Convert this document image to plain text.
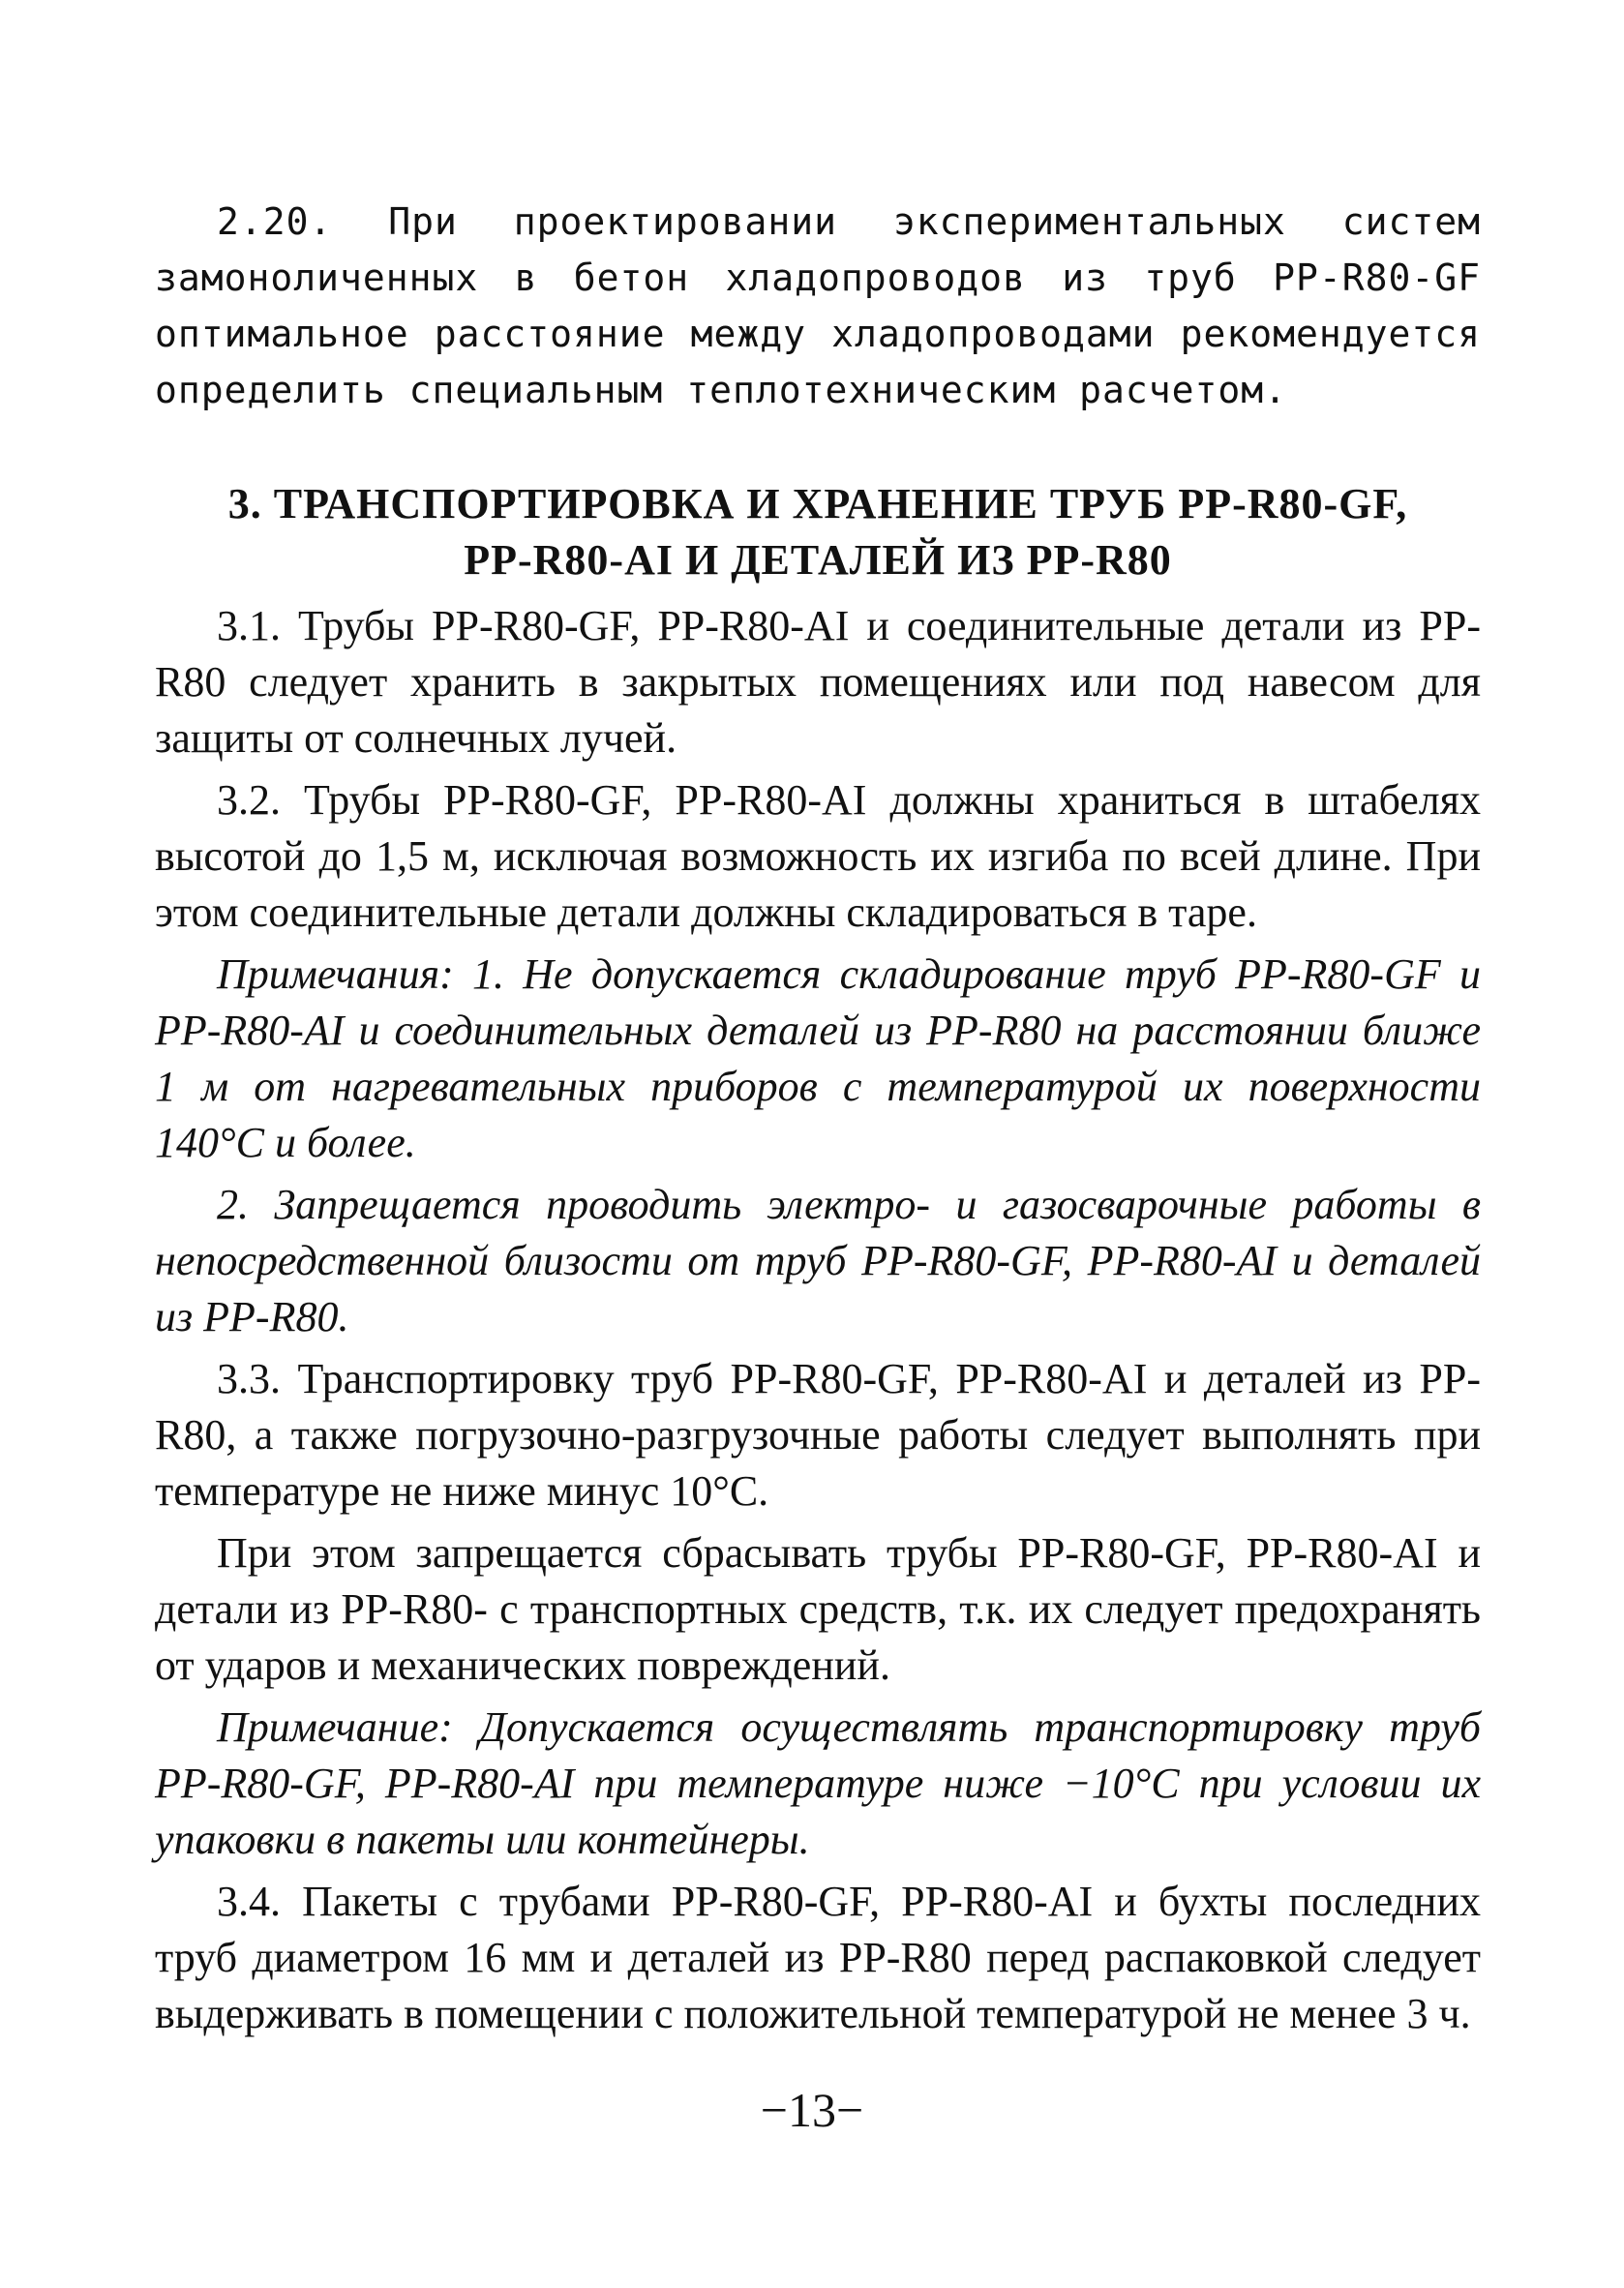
2.20. При проектировании экспериментальных систем замоноличенных в бетон хладопроводов из труб PP-R80-GF оптимальное расстояние между хладопроводами рекомендуется определить специальным теплотехническим расчетом.

3. ТРАНСПОРТИРОВКА И ХРАНЕНИЕ ТРУБ PP-R80-GF,
PP-R80-AI И ДЕТАЛЕЙ ИЗ PP-R80

3.1. Трубы PP-R80-GF, PP-R80-AI и соединительные детали из PP-R80 следует хранить в закрытых помещениях или под навесом для защиты от солнечных лучей.

3.2. Трубы PP-R80-GF, PP-R80-AI должны храниться в штабелях высотой до 1,5 м, исключая возможность их изгиба по всей длине. При этом соединительные детали должны складироваться в таре.

Примечания: 1. Не допускается складирование труб PP-R80-GF и PP-R80-AI и соединительных деталей из PP-R80 на расстоянии ближе 1 м от нагревательных приборов с температурой их поверхности 140°С и более.

2. Запрещается проводить электро- и газосварочные работы в непосредственной близости от труб PP-R80-GF, PP-R80-AI и деталей из PP-R80.

3.3. Транспортировку труб PP-R80-GF, PP-R80-AI и деталей из PP-R80, а также погрузочно-разгрузочные работы следует выполнять при температуре не ниже минус 10°С.

При этом запрещается сбрасывать трубы PP-R80-GF, PP-R80-AI и детали из PP-R80- с транспортных средств, т.к. их следует предохранять от ударов и механических повреждений.

Примечание: Допускается осуществлять транспортировку труб PP-R80-GF, PP-R80-AI при температуре ниже −10°С при условии их упаковки в пакеты или контейнеры.

3.4. Пакеты с трубами PP-R80-GF, PP-R80-AI и бухты последних труб диаметром 16 мм и деталей из PP-R80 перед распаковкой следует выдерживать в помещении с положительной температурой не менее 3 ч.

−13−
